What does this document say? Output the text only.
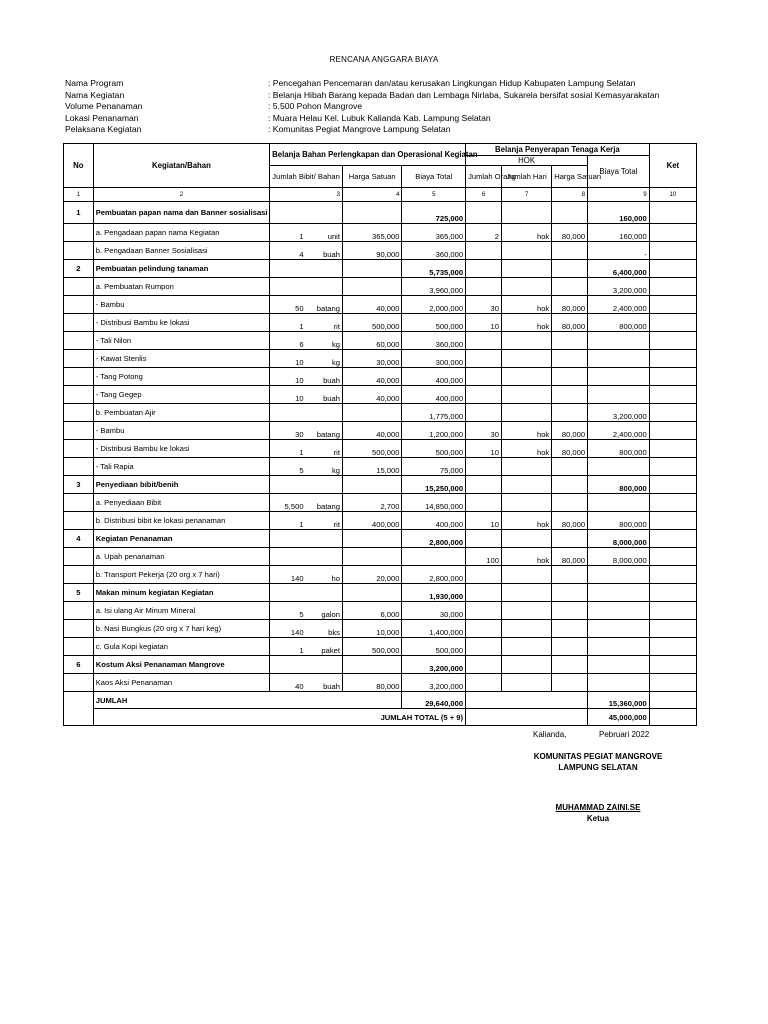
RENCANA ANGGARA BIAYA
Nama Program	: Pencegahan Pencemaran dan/atau kerusakan Lingkungan Hidup Kabupaten Lampung Selatan
Nama Kegiatan	: Belanja Hibah Barang kepada Badan dan Lembaga Nirlaba, Sukarela bersifat sosial Kemasyarakatan
Volume Penanaman	: 5.500 Pohon Mangrove
Lokasi Penanaman	: Muara Helau Kel. Lubuk Kalianda Kab. Lampung Selatan
Pelaksana Kegiatan	: Komunitas Pegiat Mangrove Lampung Selatan
No	Kegiatan/Bahan	Belanja Bahan Perlengkapan dan Operasional Kegiatan				Belanja Penyerapan Tenaga Kerja				Ket
						HOK			Biaya Total	
		Jumlah Bibit/ Bahan		Harga Satuan	Biaya Total	Jumlah Orang	Jumlah Hari	Harga Satuan		
1	2	3		4	5	6	7	8	9	10
1	Pembuatan papan nama dan Banner sosialisasi				725,000				160,000	
	a. Pengadaan papan nama Kegiatan	1	unit	365,000	365,000	2	hok	80,000	160,000	
	b. Pengadaan Banner Sosialisasi	4	buah	90,000	360,000				-	
2	Pembuatan pelindung tanaman				5,735,000				6,400,000	
	a. Pembuatan Rumpon				3,960,000				3,200,000	
	- Bambu	50	batang	40,000	2,000,000	30	hok	80,000	2,400,000	
	- Distribusi Bambu ke lokasi	1	rit	500,000	500,000	10	hok	80,000	800,000	
	- Tali Nilon	6	kg	60,000	360,000					
	- Kawat Stenlis	10	kg	30,000	300,000					
	- Tang Potong	10	buah	40,000	400,000					
	- Tang Gegep	10	buah	40,000	400,000					
	b. Pembuatan Ajir				1,775,000				3,200,000	
	- Bambu	30	batang	40,000	1,200,000	30	hok	80,000	2,400,000	
	- Distribusi Bambu ke lokasi	1	rit	500,000	500,000	10	hok	80,000	800,000	
	- Tali Rapia	5	kg	15,000	75,000					
3	Penyediaan bibit/benih				15,250,000				800,000	
	a. Penyediaan Bibit	5,500	batang	2,700	14,850,000					
	b. Distribusi bibit ke lokasi penanaman	1	rit	400,000	400,000	10	hok	80,000	800,000	
4	Kegiatan Penanaman				2,800,000				8,000,000	
	a. Upah penanaman					100	hok	80,000	8,000,000	
	b. Transport Pekerja (20 org x 7 hari)	140	ho	20,000	2,800,000					
5	Makan minum kegiatan Kegiatan				1,930,000					
	a. Isi ulang Air Minum Mineral	5	galon	6,000	30,000					
	b. Nasi Bungkus (20 org x 7 hari keg)	140	bks	10,000	1,400,000					
	c. Gula Kopi kegiatan	1	paket	500,000	500,000					
6	Kostum Aksi Penanaman Mangrove				3,200,000					
	Kaos Aksi Penanaman	40	buah	80,000	3,200,000					
	JUMLAH				29,640,000				15,360,000	
	JUMLAH TOTAL (5 + 9)								45,000,000	
Kalianda,	Pebruari 2022
KOMUNITAS PEGIAT MANGROVE
LAMPUNG SELATAN
MUHAMMAD ZAINI.SE
Ketua
